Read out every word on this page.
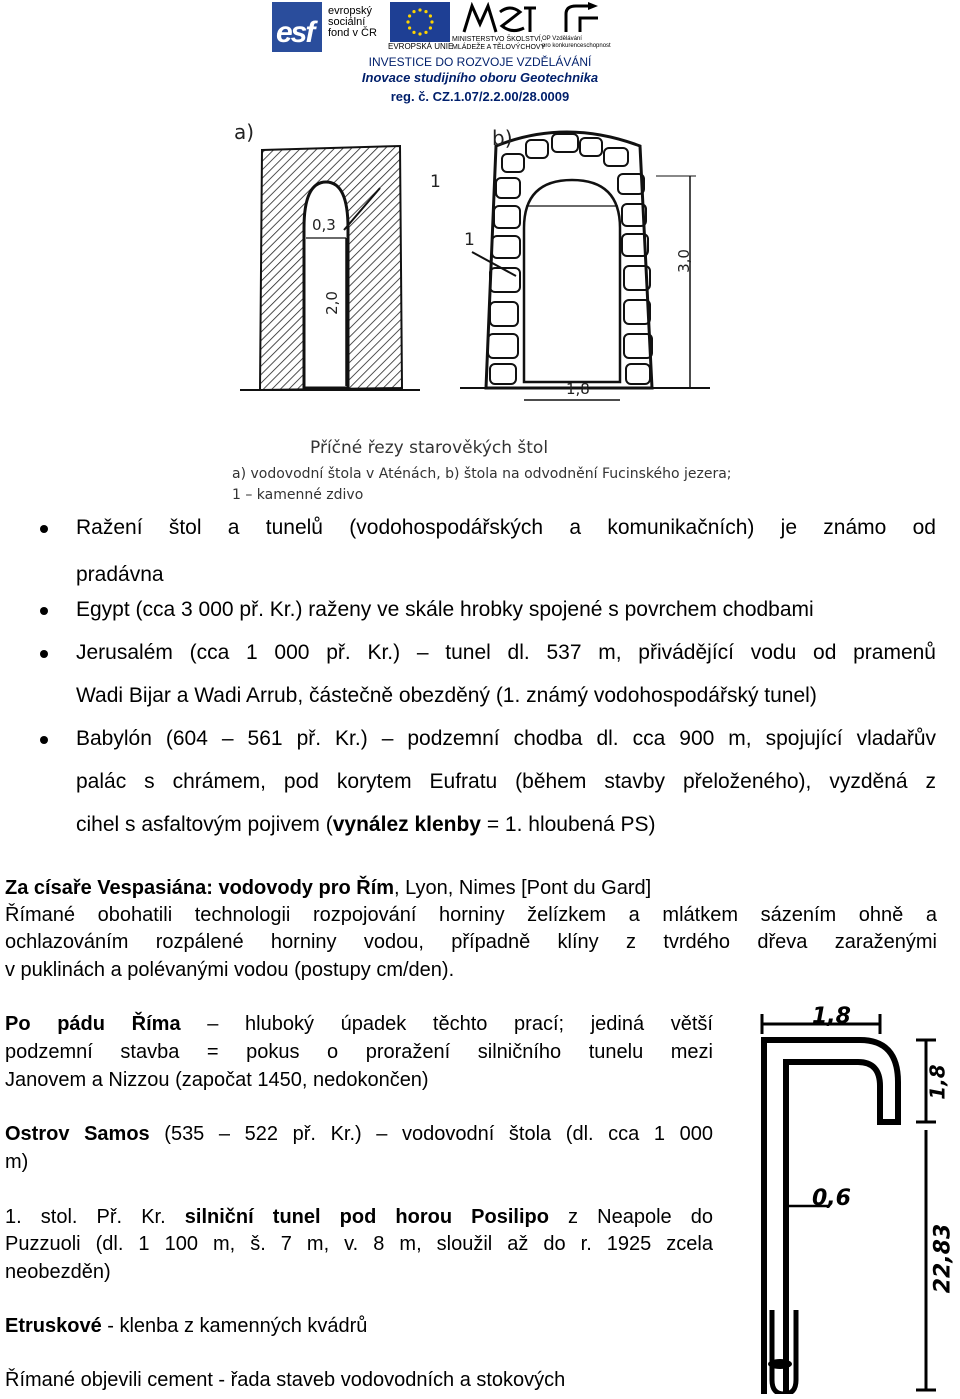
esf
evropský
sociální
fond v ČR
EVROPSKÁ UNIE
MINISTERSTVO ŠKOLSTVÍ,
MLÁDEŽE A TĚLOVÝCHOVY
OP Vzdělávání
pro konkurenceschopnost
INVESTICE DO ROZVOJE VZDĚLÁVÁNÍ
Inovace studijního oboru Geotechnika
reg. č. CZ.1.07/2.2.00/28.0009
a)	b)
1
1
0,3
2,0
3,0
1,8
Příčné řezy starověkých štol
a) vodovodní štola v Aténách, b) štola na odvodnění Fucinského jezera;
1 – kamenné zdivo
Ražení štol a tunelů (vodohospodářských a komunikačních) je známo od
pradávna
Egypt (cca 3 000 př. Kr.) raženy ve skále hrobky spojené s povrchem chodbami
Jerusalém (cca 1 000 př. Kr.) – tunel dl. 537 m, přivádějící vodu od pramenů
Wadi Bijar a Wadi Arrub, částečně obezděný (1. známý vodohospodářský tunel)
Babylón (604 – 561 př. Kr.) – podzemní chodba dl. cca 900 m, spojující vladařův
palác s chrámem, pod korytem Eufratu (během stavby přeloženého), vyzděná z
cihel s asfaltovým pojivem (vynález klenby = 1. hloubená PS)
Za císaře Vespasiána: vodovody pro Řím, Lyon, Nimes [Pont du Gard]
Římané obohatili technologii rozpojování horniny želízkem a mlátkem sázením ohně a
ochlazováním rozpálené horniny vodou, případně klíny z tvrdého dřeva zaraženými
v puklinách a polévanými vodou (postupy cm/den).
Po pádu Říma – hluboký úpadek těchto prací; jediná větší
podzemní stavba = pokus o proražení silničního tunelu mezi
Janovem a Nizzou (započat 1450, nedokončen)
Ostrov Samos (535 – 522 př. Kr.) – vodovodní štola (dl. cca 1 000
m)
1. stol. Př. Kr. silniční tunel pod horou Posilipo z Neapole do
Puzzuoli (dl. 1 100 m, š. 7 m, v. 8 m, sloužil až do r. 1925 zcela
neobezděn)
Etruskové - klenba z kamenných kvádrů
Římané objevili cement - řada staveb vodovodních a stokových
1,8
1,8
0,6
22,83
